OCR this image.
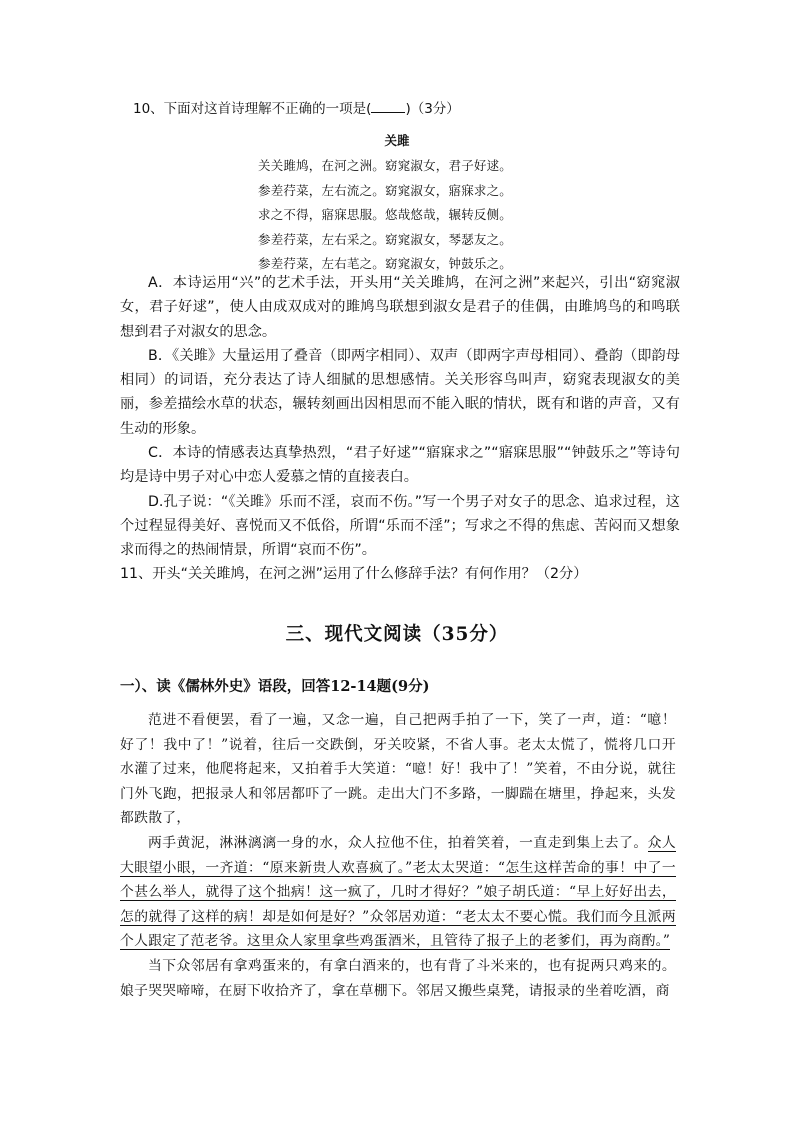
10、下面对这首诗理解不正确的一项是(	)（3分）
关雎
关关雎鸠，在河之洲。窈窕淑女，君子好逑。
参差荇菜，左右流之。窈窕淑女，寤寐求之。
求之不得，寤寐思服。悠哉悠哉，辗转反侧。
参差荇菜，左右采之。窈窕淑女，琴瑟友之。
参差荇菜，左右芼之。窈窕淑女，钟鼓乐之。
A．本诗运用“兴”的艺术手法，开头用“关关雎鸠，在河之洲”来起兴，引出“窈窕淑女，君子好逑”，使人由成双成对的雎鸠鸟联想到淑女是君子的佳偶，由雎鸠鸟的和鸣联想到君子对淑女的思念。
B．《关雎》大量运用了叠音（即两字相同）、双声（即两字声母相同）、叠韵（即韵母相同）的词语，充分表达了诗人细腻的思想感情。关关形容鸟叫声，窈窕表现淑女的美丽，参差描绘水草的状态，辗转刻画出因相思而不能入眠的情状，既有和谐的声音，又有生动的形象。
C．本诗的情感表达真挚热烈，“君子好逑”“寤寐求之”“寤寐思服”“钟鼓乐之”等诗句均是诗中男子对心中恋人爱慕之情的直接表白。
D.孔子说：“《关雎》乐而不淫，哀而不伤。”写一个男子对女子的思念、追求过程，这个过程显得美好、喜悦而又不低俗，所谓“乐而不淫”；写求之不得的焦虑、苦闷而又想象求而得之的热闹情景，所谓“哀而不伤”。
11、开头“关关雎鸠，在河之洲”运用了什么修辞手法？有何作用？（2分）
三、现代文阅读（35分）
一）、读《儒林外史》语段，回答12-14题(9分)
范进不看便罢，看了一遍，又念一遍，自己把两手拍了一下，笑了一声，道：“噫！好了！我中了！”说着，往后一交跌倒，牙关咬紧，不省人事。老太太慌了，慌将几口开水灌了过来，他爬将起来，又拍着手大笑道：“噫！好！我中了！”笑着，不由分说，就往门外飞跑，把报录人和邻居都吓了一跳。走出大门不多路，一脚踹在塘里，挣起来，头发都跌散了，
两手黄泥，淋淋漓漓一身的水，众人拉他不住，拍着笑着，一直走到集上去了。众人大眼望小眼，一齐道：“原来新贵人欢喜疯了。”老太太哭道：“怎生这样苦命的事！中了一个甚么举人，就得了这个拙病！这一疯了，几时才得好？”娘子胡氏道：“早上好好出去，怎的就得了这样的病！却是如何是好？”众邻居劝道：“老太太不要心慌。我们而今且派两个人跟定了范老爷。这里众人家里拿些鸡蛋酒米，且管待了报子上的老爹们，再为商酌。”
当下众邻居有拿鸡蛋来的，有拿白酒来的，也有背了斗米来的，也有捉两只鸡来的。娘子哭哭啼啼，在厨下收拾齐了，拿在草棚下。邻居又搬些桌凳，请报录的坐着吃酒，商
